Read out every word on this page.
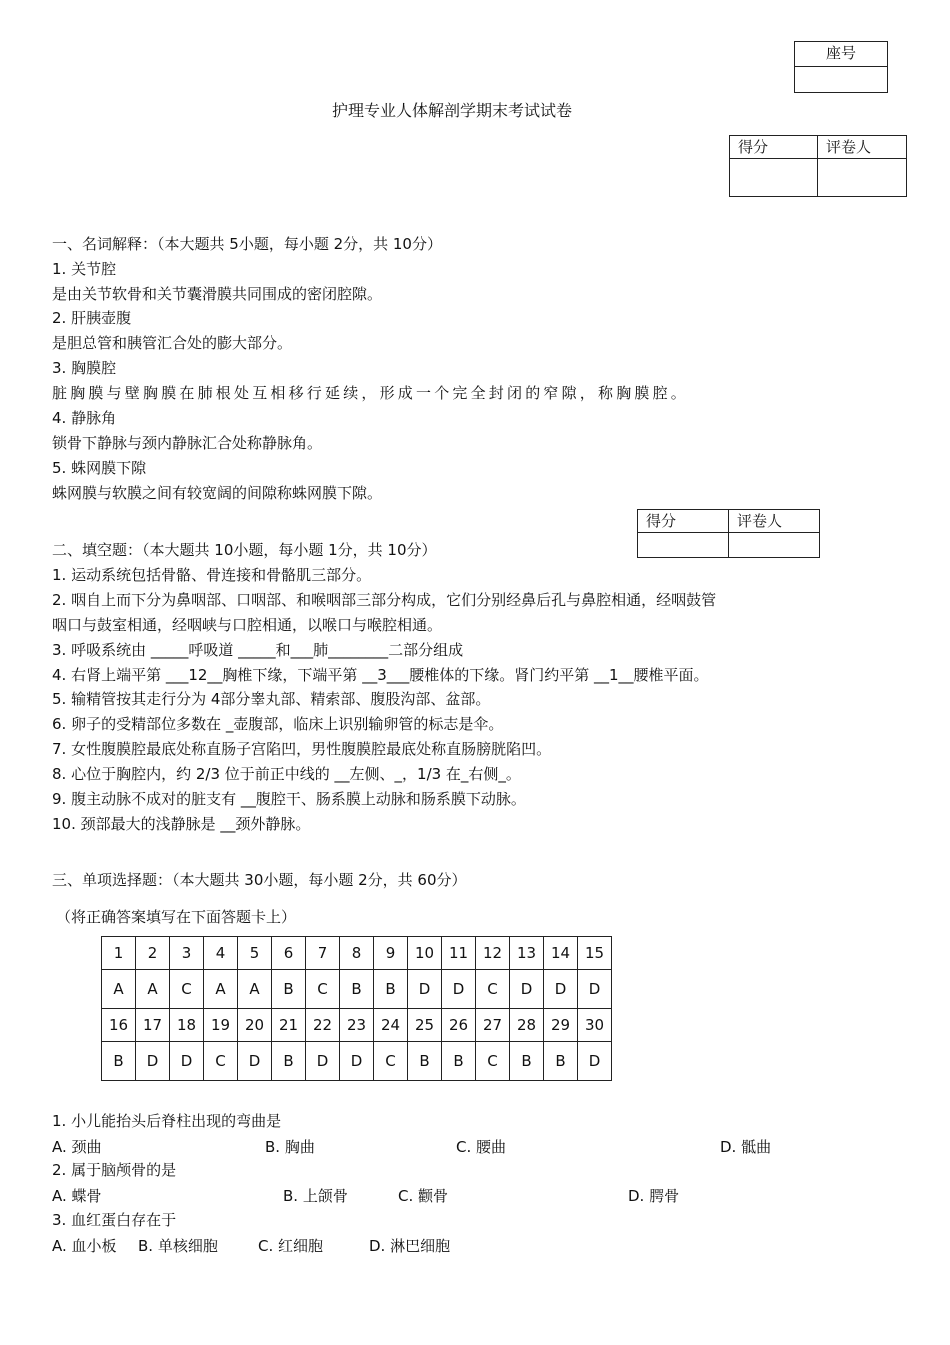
座号

护理专业人体解剖学期末考试试卷
得分	评卷人

一、名词解释：（本大题共 5小题，每小题 2分，共 10分）
1. 关节腔
是由关节软骨和关节囊滑膜共同围成的密闭腔隙。
2. 肝胰壶腹
是胆总管和胰管汇合处的膨大部分。
3. 胸膜腔
脏胸膜与壁胸膜在肺根处互相移行延续，形成一个完全封闭的窄隙，称胸膜腔。
4. 静脉角
锁骨下静脉与颈内静脉汇合处称静脉角。
5. 蛛网膜下隙
蛛网膜与软膜之间有较宽阔的间隙称蛛网膜下隙。
得分	评卷人

二、填空题：（本大题共 10小题，每小题 1分，共 10分）
1. 运动系统包括骨骼、骨连接和骨骼肌三部分。
2. 咽自上而下分为鼻咽部、口咽部、和喉咽部三部分构成，它们分别经鼻后孔与鼻腔相通，经咽鼓管
咽口与鼓室相通，经咽峡与口腔相通，以喉口与喉腔相通。
3. 呼吸系统由 _____呼吸道 _____和___肺________二部分组成
4. 右肾上端平第 ___12__胸椎下缘，下端平第 __3___腰椎体的下缘。肾门约平第 __1__腰椎平面。
5. 输精管按其走行分为 4部分睾丸部、精索部、腹股沟部、盆部。
6. 卵子的受精部位多数在 _壶腹部，临床上识别输卵管的标志是伞。
7. 女性腹膜腔最底处称直肠子宫陷凹，男性腹膜腔最底处称直肠膀胱陷凹。
8. 心位于胸腔内，约 2/3 位于前正中线的 __左侧、_，1/3 在_右侧_。
9. 腹主动脉不成对的脏支有 __腹腔干、肠系膜上动脉和肠系膜下动脉。
10. 颈部最大的浅静脉是 __颈外静脉。
三、单项选择题：（本大题共 30小题，每小题 2分，共 60分）
（将正确答案填写在下面答题卡上）
1	2	3	4	5	6	7	8	9	10	11	12	13	14	15
A	A	C	A	A	B	C	B	B	D	D	C	D	D	D
16	17	18	19	20	21	22	23	24	25	26	27	28	29	30
B	D	D	C	D	B	D	D	C	B	B	C	B	B	D
1. 小儿能抬头后脊柱出现的弯曲是
A. 颈曲	B. 胸曲	C. 腰曲	D. 骶曲
2. 属于脑颅骨的是
A. 蝶骨	B. 上颌骨	C. 颧骨	D. 腭骨
3. 血红蛋白存在于
A. 血小板 B. 单核细胞	C. 红细胞	D. 淋巴细胞
